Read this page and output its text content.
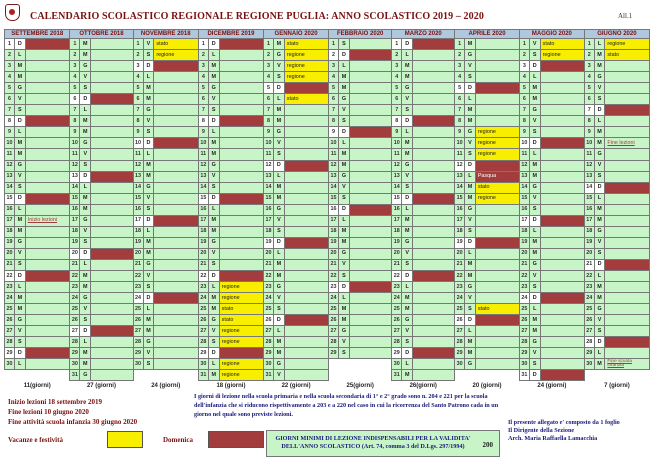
CALENDARIO SCOLASTICO REGIONALE REGIONE PUGLIA: ANNO SCOLASTICO 2019 – 2020	All.1
SETTEMBRE 2018			OTTOBRE 2018			NOVEMBRE 2018			DICEMBRE 2019			GENNAIO 2020			FEBBRAIO 2020			MARZO 2020			APRILE 2020			MAGGIO 2020			GIUGNO 2020		
1	D		1	M		1	V	stato	1	D		1	M	stato	1	S		1	D		1	M		1	V	stato	1	L	regione
2	L		2	M		2	S	regione	2	L		2	G	regione	2	D		2	L		2	G		2	S	regione	2	M	stato
3	M		3	G		3	D		3	M		3	V	regione	3	L		3	M		3	V		3	D		3	M	
4	M		4	V		4	L		4	M		4	S	regione	4	M		4	M		4	S		4	L		4	G	
5	G		5	S		5	M		5	G		5	D		5	M		5	G		5	D		5	M		5	V	
6	V		6	D		6	M		6	V		6	L	stato	6	G		6	V		6	L		6	M		6	S	
7	S		7	L		7	G		7	S		7	M		7	V		7	S		7	M		7	G		7	D	
8	D		8	M		8	V		8	D		8	M		8	S		8	D		8	M		8	V		8	L	
9	L		9	M		9	S		9	L		9	G		9	D		9	L		9	G	regione	9	S		9	M	
10	M		10	G		10	D		10	M		10	V		10	L		10	M		10	V	regione	10	D		10	M	Fine lezioni
11	M		11	V		11	L		11	M		11	S		11	M		11	M		11	S	regione	11	L		11	G	
12	G		12	S		12	M		12	G		12	D		12	M		12	G		12	D		12	M		12	V	
13	V		13	D		13	M		13	V		13	L		13	G		13	V		13	L	Pasqua	13	M		13	S	
14	S		14	L		14	G		14	S		14	M		14	V		14	S		14	M	stato	14	G		14	D	
15	D		15	M		15	V		15	D		15	M		15	S		15	D		15	M	regione	15	V		15	L	
16	L		16	M		16	S		16	L		16	G		16	D		16	L		16	G		16	S		16	M	
17	M	Inizio lezioni	17	G		17	D		17	M		17	V		17	L		17	M		17	V		17	D		17	M	
18	M		18	V		18	L		18	M		18	S		18	M		18	M		18	S		18	L		18	G	
19	G		19	S		19	M		19	G		19	D		19	M		19	G		19	D		19	M		19	V	
20	V		20	D		20	M		20	V		20	L		20	G		20	V		20	L		20	M		20	S	
21	S		21	L		21	G		21	S		21	M		21	V		21	S		21	M		21	G		21	D	
22	D		22	M		22	V		22	D		22	M		22	S		22	D		22	M		22	V		22	L	
23	L		23	M		23	S		23	L	regione	23	G		23	D		23	L		23	G		23	S		23	M	
24	M		24	G		24	D		24	M	regione	24	V		24	L		24	M		24	V		24	D		24	M	
25	M		25	V		25	L		25	M	stato	25	S		25	M		25	M		25	S	stato	25	L		25	G	
26	G		26	S		26	M		26	G	stato	26	D		26	M		26	G		26	D		26	M		26	V	
27	V		27	D		27	M		27	V	regione	27	L		27	G		27	V		27	L		27	M		27	S	
28	S		28	L		28	G		28	S	regione	28	M		28	V		28	S		28	M		28	G		28	D	
29	D		29	M		29	V		29	D		29	M		29	S		29	D		29	M		29	V		29	L	
30	L		30	M		30	S		30	L	regione	30	G					30	L		30	G		30	S		30	M	Fine scuola infanzia
			31	G					31	M	regione	31	V					31	M					31	D				
11(giorni)			27 (giorni)			24 (giorni)			18 (giorni)			22 (giorni)			25(giorni)			26(giorni)			20 (giorni)			24 (giorni)			7 (giorni)		
Inizio lezioni 18 settembre 2019
Fine lezioni 10 giugno 2020
Fine attività scuola infanzia 30 giugno 2020
Vacanze e festività	Domenica
I giorni di lezione nella scuola primaria e nella scuola secondaria di 1° e 2° grado sono n. 204 e 221 per la scuola dell'infanzia che si riducono rispettivamente a 203 e a 220 nel caso in cui la ricorrenza del Santo Patrono cada in un giorno nel quale sono previste lezioni.
Il presente allegato e' composto da 1 foglio
Il Dirigente della Sezione
Arch. Maria Raffaella Lamacchia
GIORNI MINIMI DI LEZIONE INDISPENSABILI PER LA VALIDITA' DELL'ANNO SCOLASTICO (Art. 74, comma 3 del D.Lgs. 297/1994)	200
